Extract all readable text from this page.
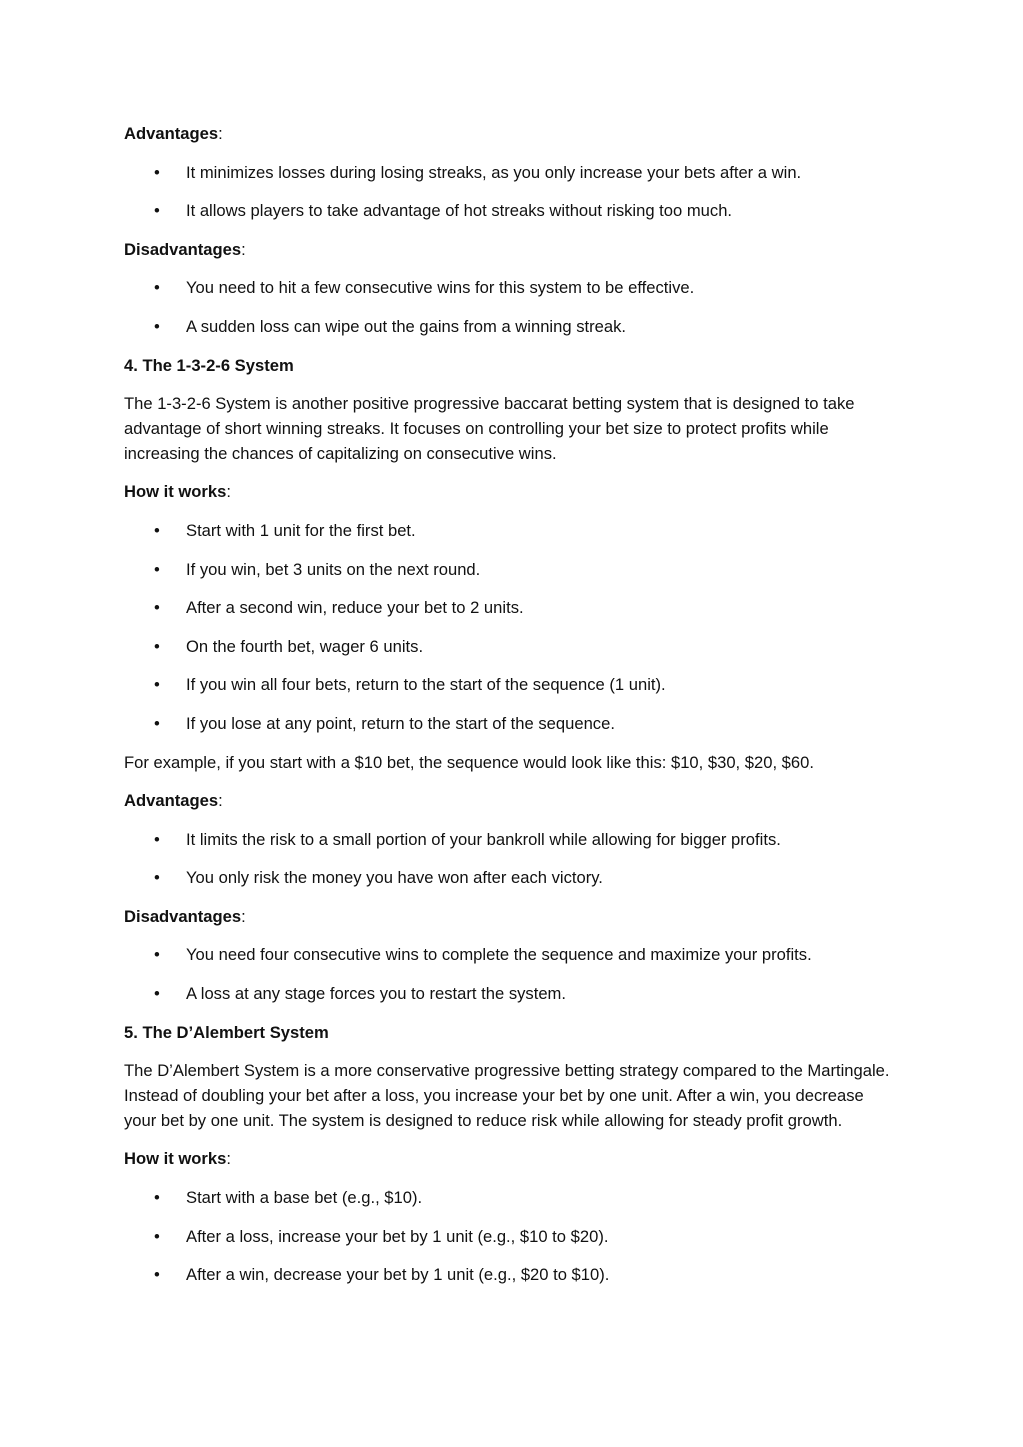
Advantages:

• It minimizes losses during losing streaks, as you only increase your bets after a win.
• It allows players to take advantage of hot streaks without risking too much.

Disadvantages:

• You need to hit a few consecutive wins for this system to be effective.
• A sudden loss can wipe out the gains from a winning streak.

4. The 1-3-2-6 System

The 1-3-2-6 System is another positive progressive baccarat betting system that is designed to take advantage of short winning streaks. It focuses on controlling your bet size to protect profits while increasing the chances of capitalizing on consecutive wins.

How it works:

• Start with 1 unit for the first bet.
• If you win, bet 3 units on the next round.
• After a second win, reduce your bet to 2 units.
• On the fourth bet, wager 6 units.
• If you win all four bets, return to the start of the sequence (1 unit).
• If you lose at any point, return to the start of the sequence.

For example, if you start with a $10 bet, the sequence would look like this: $10, $30, $20, $60.

Advantages:

• It limits the risk to a small portion of your bankroll while allowing for bigger profits.
• You only risk the money you have won after each victory.

Disadvantages:

• You need four consecutive wins to complete the sequence and maximize your profits.
• A loss at any stage forces you to restart the system.

5. The D’Alembert System

The D’Alembert System is a more conservative progressive betting strategy compared to the Martingale. Instead of doubling your bet after a loss, you increase your bet by one unit. After a win, you decrease your bet by one unit. The system is designed to reduce risk while allowing for steady profit growth.

How it works:

• Start with a base bet (e.g., $10).
• After a loss, increase your bet by 1 unit (e.g., $10 to $20).
• After a win, decrease your bet by 1 unit (e.g., $20 to $10).
